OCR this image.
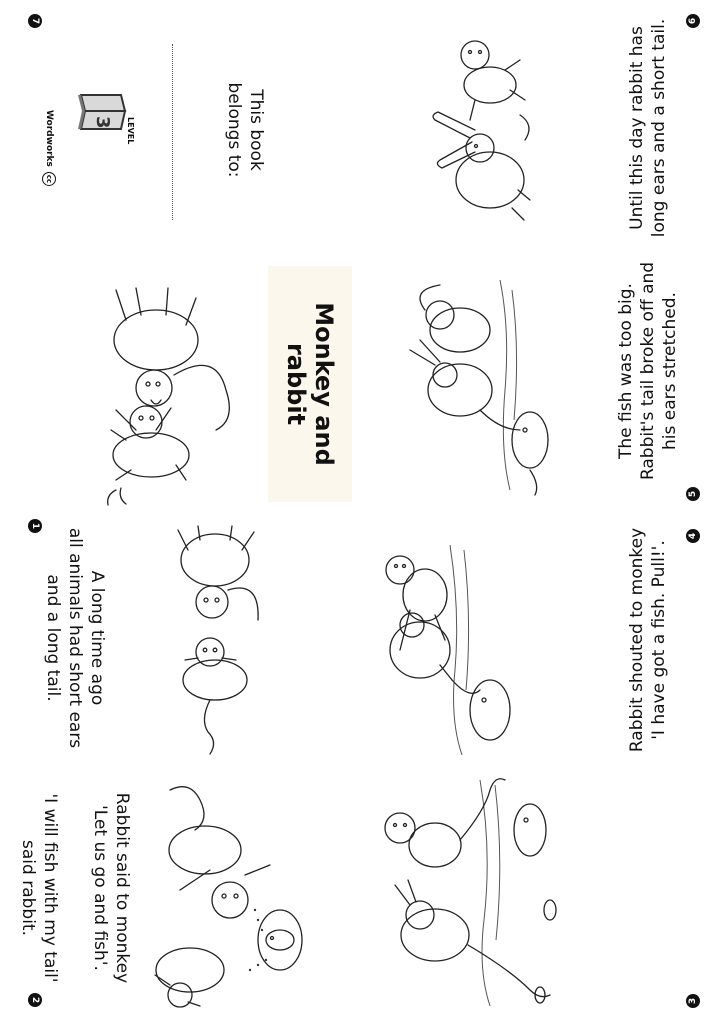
7
This book
belongs to:
LEVEL
3
Wordworks cc
Monkey and
rabbit
1
A long time ago
all animals had short ears
and a long tail.
2
Rabbit said to monkey
'Let us go and fish'.
'I will fish with my tail'
said rabbit.
6
Until this day rabbit has long ears and a short tail.
5
The fish was too big. Rabbit's tail broke off and his ears stretched.
4
Rabbit shouted to monkey 'I have got a fish. Pull!'.
3
